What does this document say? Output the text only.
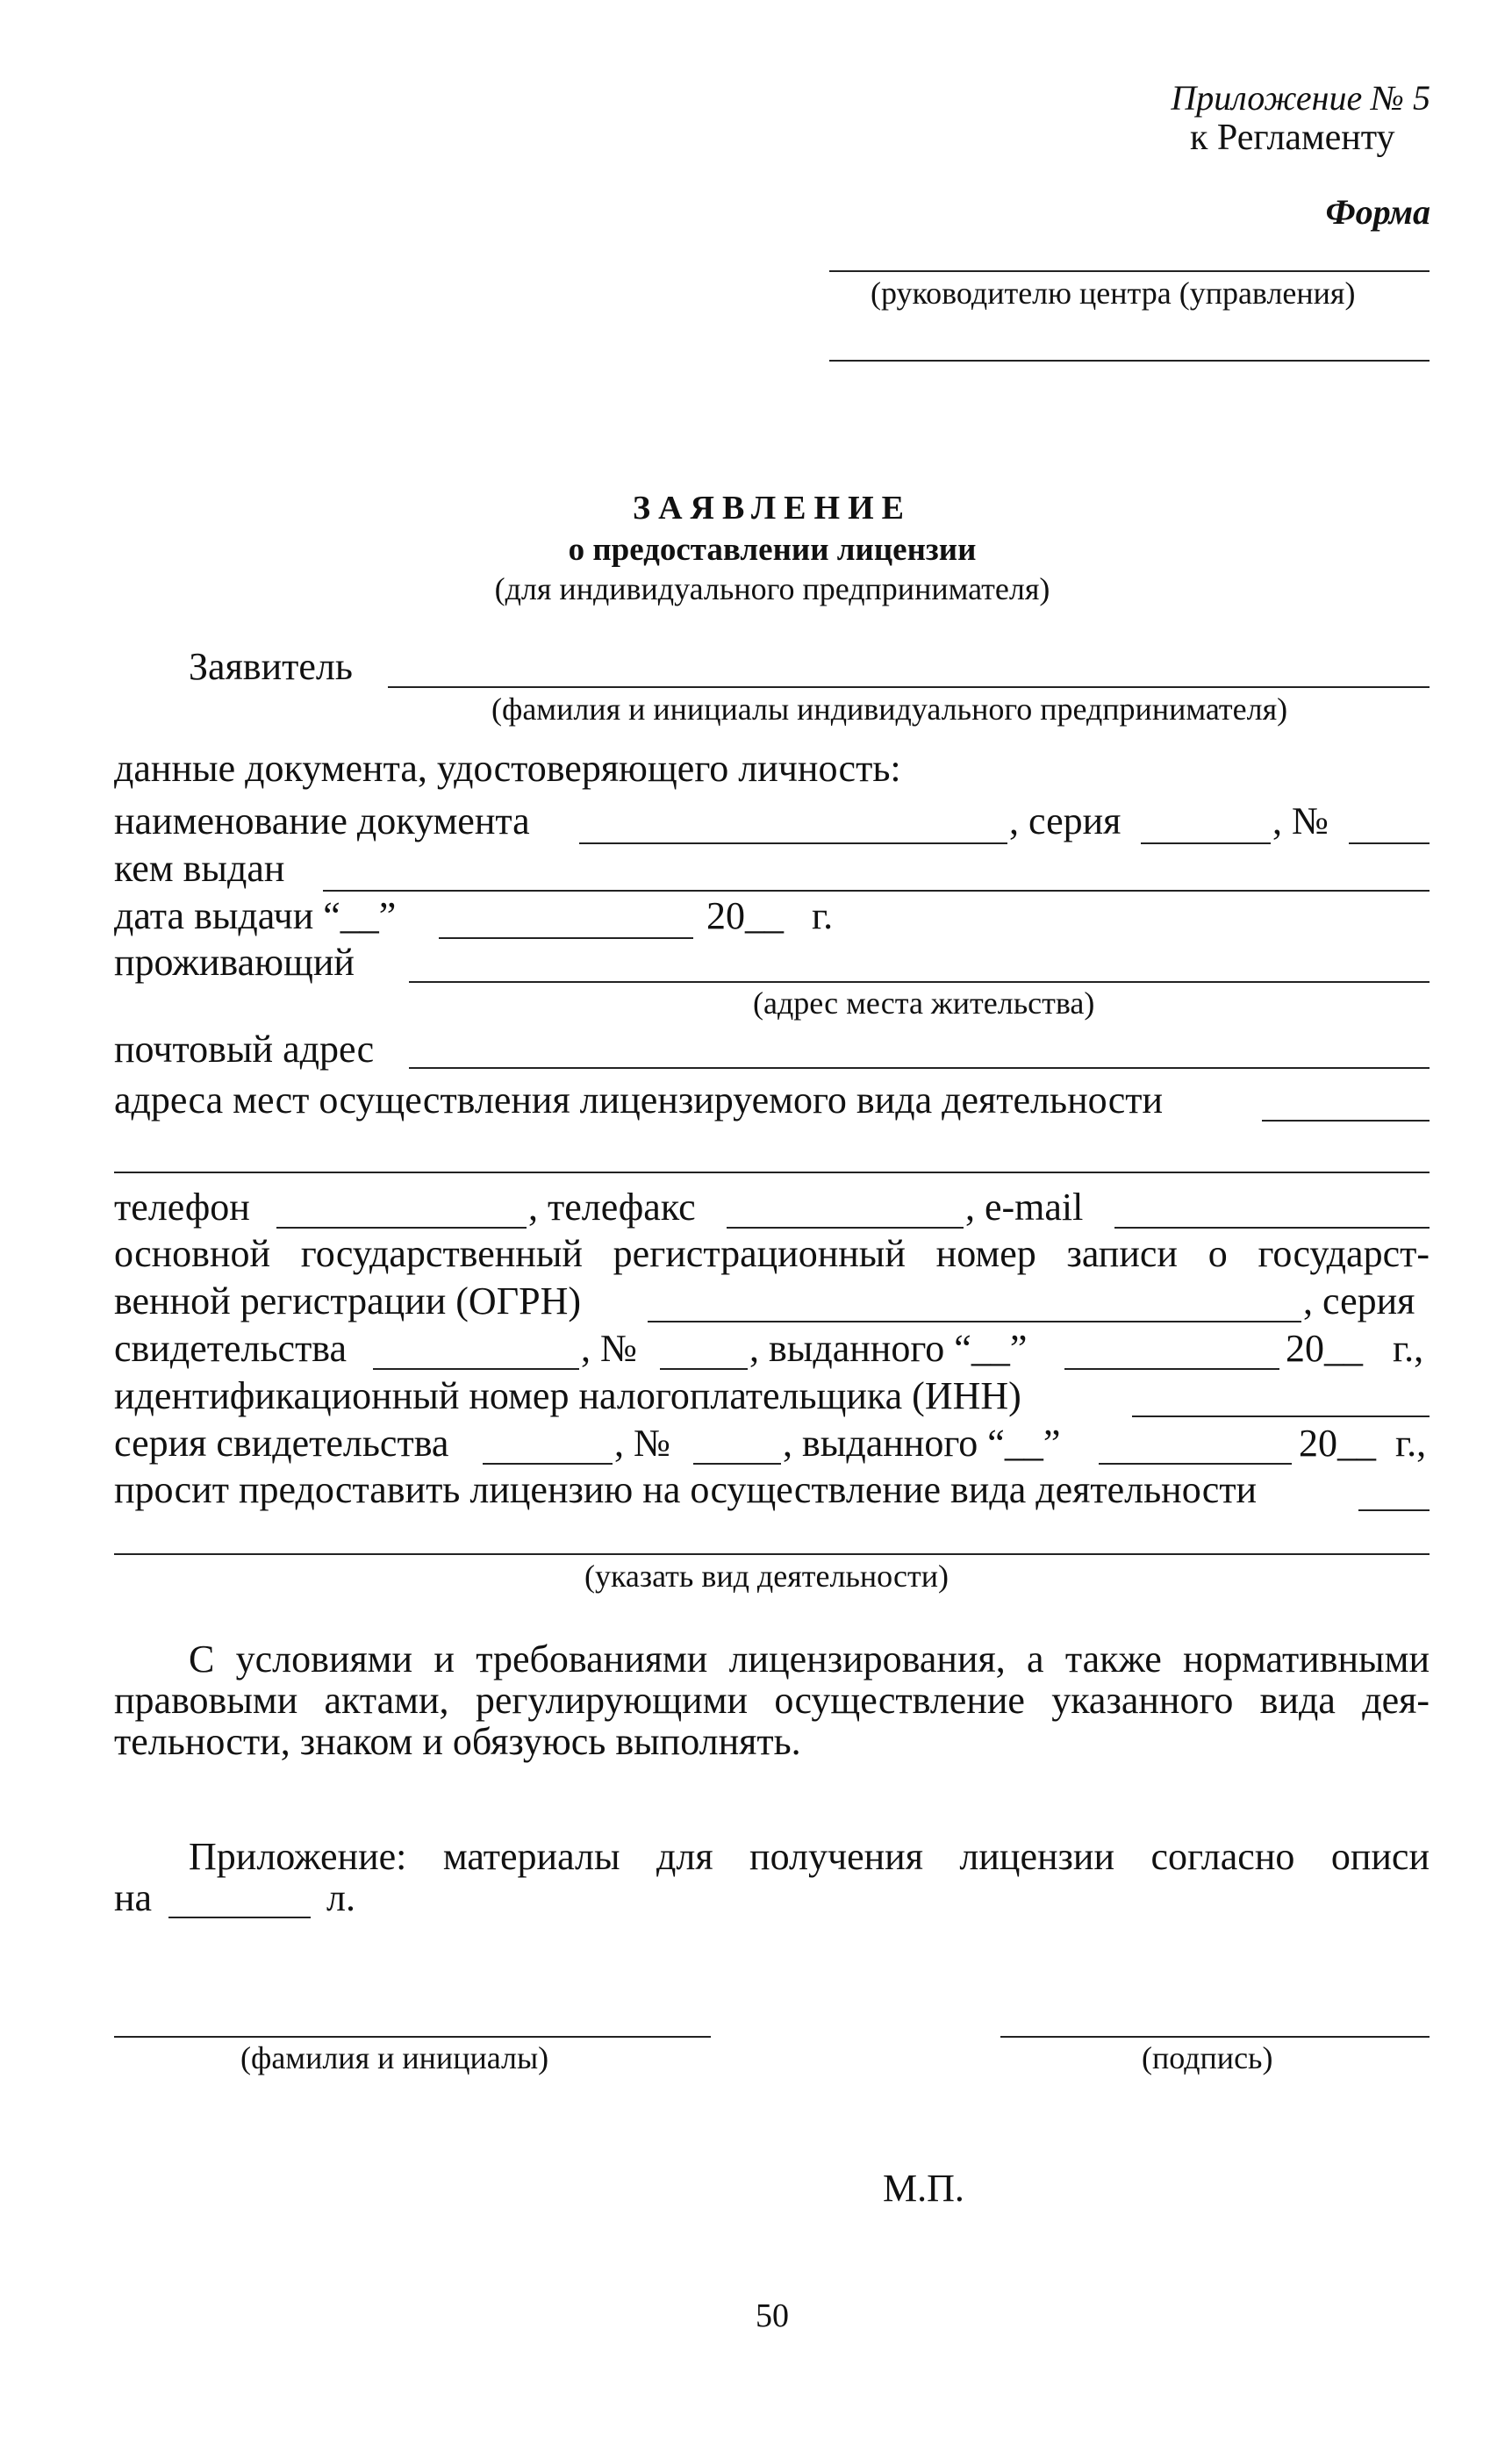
Приложение № 5
к Регламенту
Форма
(руководителю центра (управления)
ЗАЯВЛЕНИЕ
о предоставлении лицензии
(для индивидуального предпринимателя)
Заявитель
(фамилия и инициалы индивидуального предпринимателя)
данные документа, удостоверяющего личность:
наименование документа	, серия	, №
кем выдан
дата выдачи “__”	20__ г.
проживающий
(адрес места жительства)
почтовый адрес
адреса мест осуществления лицензируемого вида деятельности
телефон	, телефакс	, e-mail
основной государственный регистрационный номер записи о государст-
венной регистрации (ОГРН)	, серия
свидетельства	, №	, выданного “__”	20__ г.,
идентификационный номер налогоплательщика (ИНН)
серия свидетельства	, №	, выданного “__”	20__ г.,
просит предоставить лицензию на осуществление вида деятельности
(указать вид деятельности)
С условиями и требованиями лицензирования, а также нормативными
правовыми актами, регулирующими осуществление указанного вида дея-
тельности, знаком и обязуюсь выполнять.
Приложение: материалы для получения лицензии согласно описи
на	л.
(фамилия и инициалы)	(подпись)
М.П.
50
